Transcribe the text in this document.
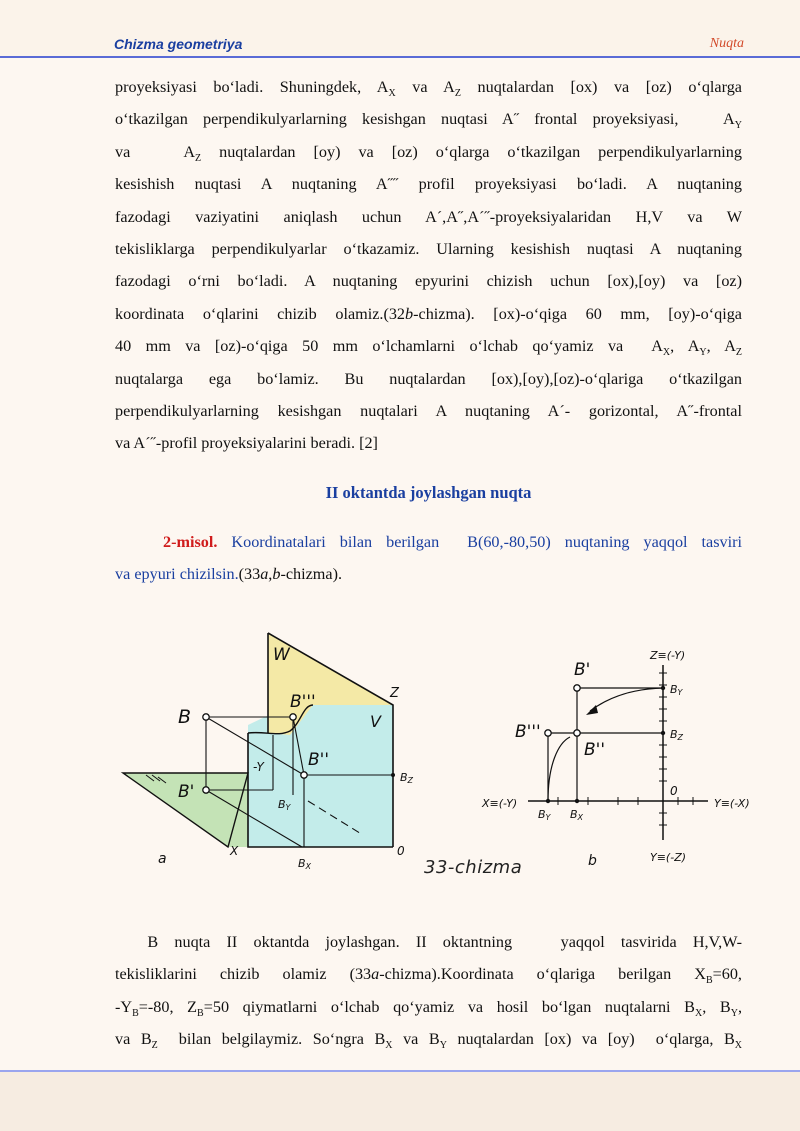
Chizma geometriya	Nuqta
proyeksiyasi bo‘ladi. Shuningdek, $A_X$ va $A_Z$ nuqtalardan [ox) va [oz) o‘qlarga
o‘tkazilgan perpendikulyarlarning kesishgan nuqtasi A˝ frontal proyeksiyasi,   $A_Y$
va   $A_Z$ nuqtalardan [oy) va [oz) o‘qlarga o‘tkazilgan perpendikulyarlarning
kesishish nuqtasi A nuqtaning A˝˝ profil proyeksiyasi bo‘ladi. A nuqtaning
fazodagi vaziyatini aniqlash uchun A´,A˝,A´˝-proyeksiyalaridan H,V va W
tekisliklarga perpendikulyarlar o‘tkazamiz. Ularning kesishish nuqtasi A nuqtaning
fazodagi o‘rni bo‘ladi. A nuqtaning epyurini chizish uchun [ox),[oy) va [oz)
koordinata o‘qlarini chizib olamiz.(32b-chizma). [ox)-o‘qiga 60 mm, [oy)-o‘qiga
40 mm va [oz)-o‘qiga 50 mm o‘lchamlarni o‘lchab qo‘yamiz va  $A_X$, $A_Y$, $A_Z$
nuqtalarga ega bo‘lamiz. Bu nuqtalardan [ox),[oy),[oz)-o‘qlariga o‘tkazilgan
perpendikulyarlarning kesishgan nuqtalari A nuqtaning A´- gorizontal, A˝-frontal
va A´˝-profil proyeksiyalarini beradi. [2]
II oktantda joylashgan nuqta
2-misol. Koordinatalari bilan berilgan  B(60,-80,50) nuqtaning yaqqol tasviri
va epyuri chizilsin.(33a,b-chizma).
W
Z
V
B
B'''
B''
B'
-Y
BY
BZ
X
BX
0
a
Z≡(-Y)
X≡(-Y)	Y≡(-X)
Y≡(-Z)
0
B'
B'''
B''
BY
BZ
BY BX
b
33-chizma
B nuqta II oktantda joylashgan. II oktantning   yaqqol tasvirida H,V,W-
tekisliklarini chizib olamiz (33a-chizma).Koordinata o‘qlariga berilgan $X_B=60$,
$-Y_B=-80$, $Z_B=50$ qiymatlarni o‘lchab qo‘yamiz va hosil bo‘lgan nuqtalarni $B_X$, $B_Y$,
va $B_Z$  bilan belgilaymiz. So‘ngra $B_X$ va $B_Y$ nuqtalardan [ox) va [oy)  o‘qlarga, $B_X$
